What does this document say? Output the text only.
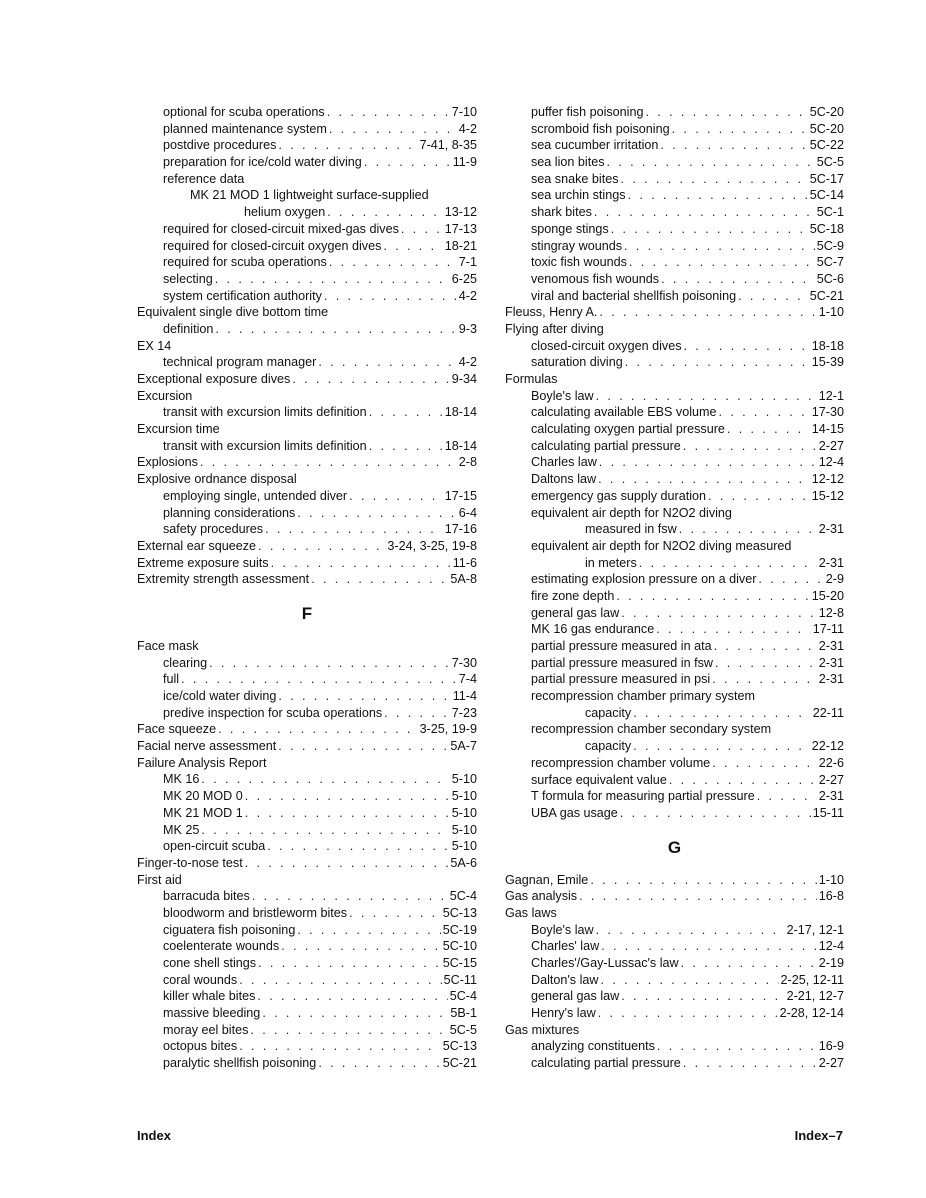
optional for scuba operations . . .	7-10
planned maintenance system . . .	4-2
postdive procedures . . .	7-41, 8-35
preparation for ice/cold water diving . . .	11-9
reference data
MK 21 MOD 1 lightweight surface-supplied
helium oxygen . . .	13-12
required for closed-circuit mixed-gas dives . . .	17-13
required for closed-circuit oxygen dives . . .	18-21
required for scuba operations . . .	7-1
selecting . . .	6-25
system certification authority . . .	4-2
Equivalent single dive bottom time
definition . . .	9-3
EX 14
technical program manager . . .	4-2
Exceptional exposure dives . . .	9-34
Excursion
transit with excursion limits definition . . .	18-14
Excursion time
transit with excursion limits definition . . .	18-14
Explosions . . .	2-8
Explosive ordnance disposal
employing single, untended diver . . .	17-15
planning considerations . . .	6-4
safety procedures . . .	17-16
External ear squeeze . . .	3-24, 3-25, 19-8
Extreme exposure suits . . .	11-6
Extremity strength assessment . . .	5A-8
F
Face mask
clearing . . .	7-30
full . . .	7-4
ice/cold water diving . . .	11-4
predive inspection for scuba operations . . .	7-23
Face squeeze . . .	3-25, 19-9
Facial nerve assessment . . .	5A-7
Failure Analysis Report
MK 16 . . .	5-10
MK 20 MOD 0 . . .	5-10
MK 21 MOD 1 . . .	5-10
MK 25 . . .	5-10
open-circuit scuba . . .	5-10
Finger-to-nose test . . .	5A-6
First aid
barracuda bites . . .	5C-4
bloodworm and bristleworm bites . . .	5C-13
ciguatera fish poisoning . . .	5C-19
coelenterate wounds . . .	5C-10
cone shell stings . . .	5C-15
coral wounds . . .	5C-11
killer whale bites . . .	5C-4
massive bleeding . . .	5B-1
moray eel bites . . .	5C-5
octopus bites . . .	5C-13
paralytic shellfish poisoning . . .	5C-21
puffer fish poisoning . . .	5C-20
scromboid fish poisoning . . .	5C-20
sea cucumber irritation . . .	5C-22
sea lion bites . . .	5C-5
sea snake bites . . .	5C-17
sea urchin stings . . .	5C-14
shark bites . . .	5C-1
sponge stings . . .	5C-18
stingray wounds . . .	5C-9
toxic fish wounds . . .	5C-7
venomous fish wounds . . .	5C-6
viral and bacterial shellfish poisoning . . .	5C-21
Fleuss, Henry A. . . .	1-10
Flying after diving
closed-circuit oxygen dives . . .	18-18
saturation diving . . .	15-39
Formulas
Boyle's law . . .	12-1
calculating available EBS volume . . .	17-30
calculating oxygen partial pressure . . .	14-15
calculating partial pressure . . .	2-27
Charles law . . .	12-4
Daltons law . . .	12-12
emergency gas supply duration . . .	15-12
equivalent air depth for N2O2 diving
measured in fsw . . .	2-31
equivalent air depth for N2O2 diving measured
in meters . . .	2-31
estimating explosion pressure on a diver . . .	2-9
fire zone depth . . .	15-20
general gas law . . .	12-8
MK 16 gas endurance . . .	17-11
partial pressure measured in ata . . .	2-31
partial pressure measured in fsw . . .	2-31
partial pressure measured in psi . . .	2-31
recompression chamber primary system
capacity . . .	22-11
recompression chamber secondary system
capacity . . .	22-12
recompression chamber volume . . .	22-6
surface equivalent value . . .	2-27
T formula for measuring partial pressure . . .	2-31
UBA gas usage . . .	15-11
G
Gagnan, Emile . . .	1-10
Gas analysis . . .	16-8
Gas laws
Boyle's law . . .	2-17, 12-1
Charles' law . . .	12-4
Charles'/Gay-Lussac's law . . .	2-19
Dalton's law . . .	2-25, 12-11
general gas law . . .	2-21, 12-7
Henry's law . . .	2-28, 12-14
Gas mixtures
analyzing constituents . . .	16-9
calculating partial pressure . . .	2-27
Index	Index–7
